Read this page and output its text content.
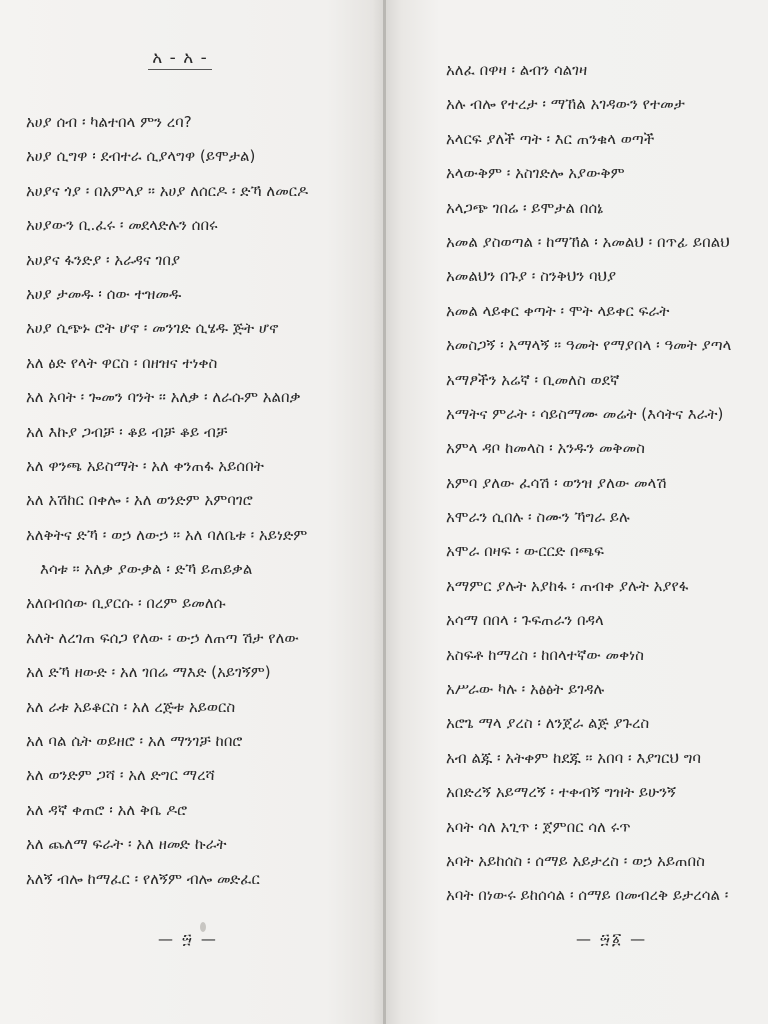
አ - አ -
አሀያ ሰብ ፡ ካልተበላ ምን ረባ?
አሀያ ሲግዋ ፡ ደብተራ ሲያላግዋ (ይሞታል)
አሀያና ጎያ ፡ በአምላያ ። አሀያ ለሰርዶ ፡ ድኻ ለመርዶ
አሀያውን ቢ.ፈሩ ፡ መደላድሉን ሰበሩ
አሀያና ፋንድያ ፡ አራዳና ገበያ
አሀያ ታመዱ ፡ ሰው ተዝመዱ
አሀያ ሲጭኑ ሮት ሆኖ ፡ መንገድ ሲሄዱ ጅት ሆኖ
አለ ፅድ የላት ዋርስ ፡ በዘዝና ተነቀስ
አለ አባት ፡ ጐመን ባንት ፡፡ አለቃ ፡ ለራሱም አልበቃ
አለ እኩያ ጋብቻ ፡ ቆይ ብቻ ቆይ ብቻ
አለ ዋንጫ አይስማት ፡ አለ ቀንጠፋ አይሰበት
አለ አሽከር በቀሎ ፡ አለ ወንድም አምባገሮ
አለቅትና ድኻ ፡ ወኃ ለውኃ ። አለ ባለቤቱ ፡ አይነድም
እሳቱ ። አለቃ ያውቃል ፡ ድኻ ይጠይቃል
አለበብሰው ቢያርሱ ፡ በረም ይመለሱ
አለት ለረገጠ ፍሰጋ የለው ፡ ውኃ ለጠጣ ሽታ የለው
አለ ድኻ ዘውድ ፡ አለ ገበሬ ማእድ (አይገኝም)
አለ ራቱ አይቆርስ ፡ አለ ረጅቱ አይወርስ
አለ ባል ሴት ወይዘሮ ፡ አለ ማንገቻ ከበሮ
አለ ወንድም ጋሻ ፡ አለ ድግር ማረሻ
አለ ዳኛ ቀጠሮ ፡ አለ ቅቤ ዶሮ
አለ ጨለማ ፍራት ፡ አለ ዘመድ ኩራት
አለኝ ብሎ ከማፈር ፡ የለኝም ብሎ መድፈር
— ፵ —
አለፈ በዋዛ ፡ ልብን ሳልገዛ
አሉ ብሎ የተረታ ፡ ማኸል አገዳውን የተመታ
አላርፍ ያለች ጣት ፡ እር ጠንቁላ ወጣች
አላውቅም ፡ አስገድሎ አያውቅም
አላጋጭ ገበሬ ፡ ይሞታል በሰኔ
አመል ያስወጣል ፡ ከማኸል ፡ አመልህ ፡ በጥፊ ይበልህ
አመልህን በጉያ ፡ ስንቅህን ባህያ
አመል ላይቀር ቀጣት ፡ ሞት ላይቀር ፍራት
አመስጋኝ ፡ አማላኝ ። ዓመት የማያበላ ፡ ዓመት ያጣላ
አማፆችን አሬኛ ፡ ቢመለስ ወደኛ
አማትና ምራት ፡ ሳይስማሙ መሬት (እሳትና እራት)
አምላ ዳቦ ከመላስ ፡ አንዱን መቅመስ
አምባ ያለው ፈሳሽ ፡ ወንዝ ያለው መላሽ
አሞራን ሲበሉ ፡ ስሙን ኻግራ ይሉ
አሞራ በዛፍ ፡ ውርርድ በጫፍ
አማምር ያሉት አያከፋ ፡ ጠብቀ ያሉት አያየፋ
አሳማ በበላ ፡ ጉፍጠራን በዳላ
አስፍቶ ከማረስ ፡ ከበላተኛው መቀነስ
አሥራው ካሉ ፡ አፅፅት ይገዳሉ
አሮጌ ማላ ያረስ ፡ ለንጀራ ልጅ ያጉረስ
አብ ልጁ ፡ አትቀም ከደጁ ። አበባ ፡ እያገርህ ግባ
አበድረኝ አይማረኝ ፡ ተቀብኝ ግዝት ይሁንኝ
አባት ሳለ አጊጥ ፡ ጀምበር ሳለ ሩጥ
አባት አይከሰስ ፡ ሰማይ አይታረስ ፡ ወኃ አይጠበስ
አባት በነውሩ ይከሰሳል ፡ ሰማይ በመብረቅ ይታረሳል ፡
— ፵፩ —
